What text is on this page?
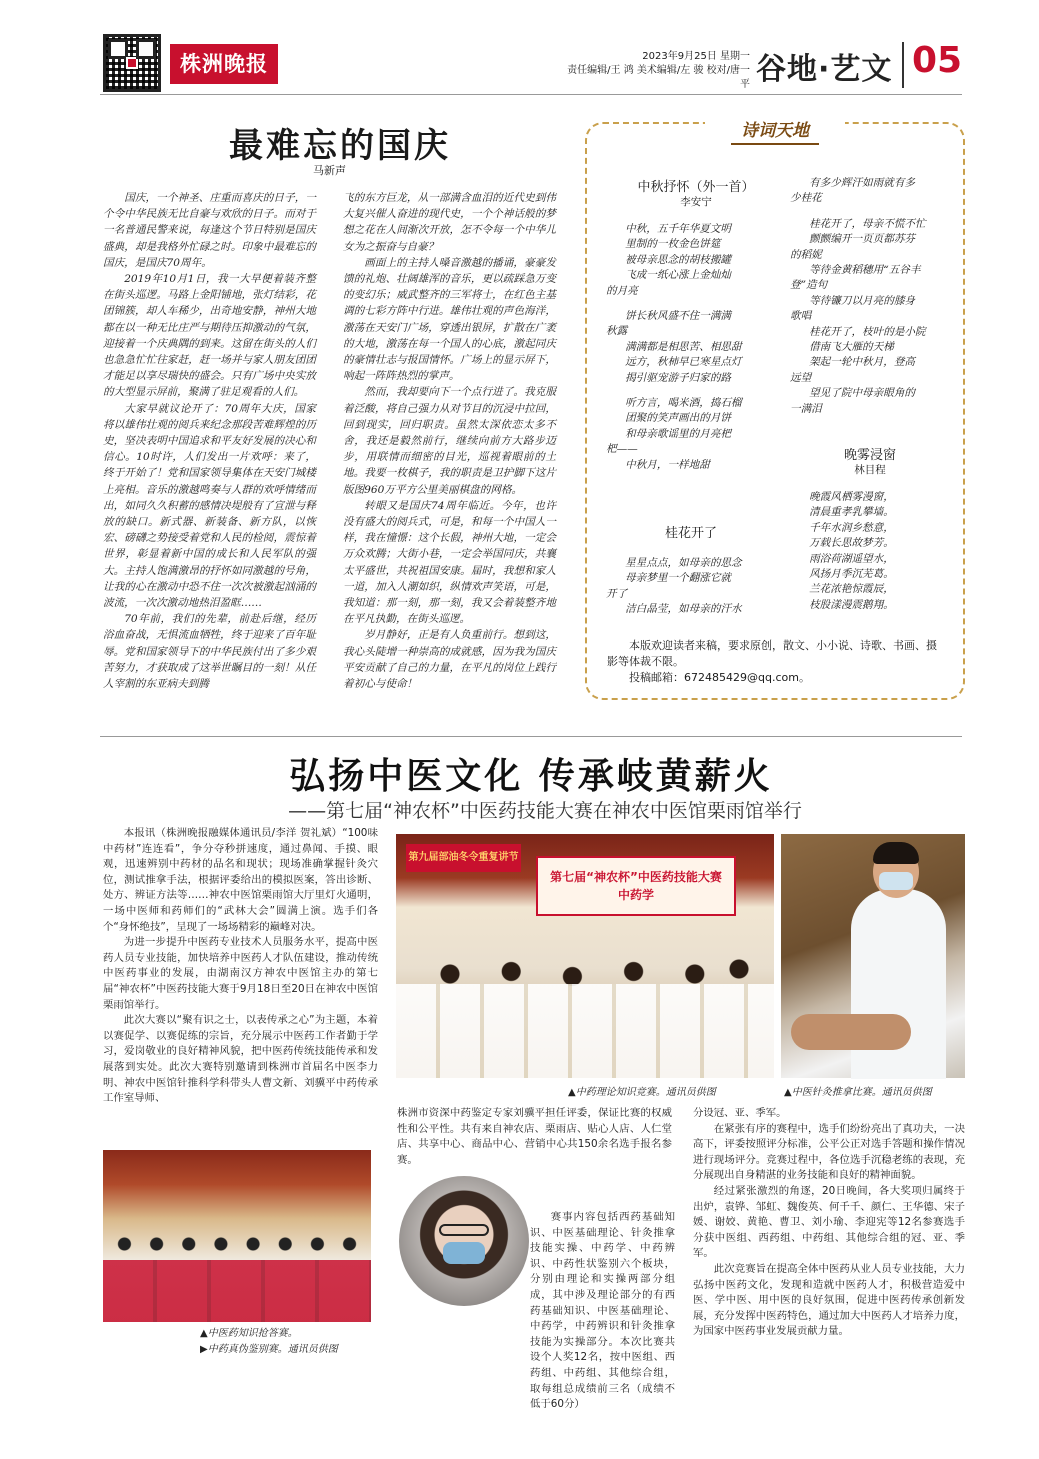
株洲晚报	2023年9月25日 星期一
责任编辑/王 鸿 美术编辑/左 骏 校对/唐一平 谷地·艺文 05
最难忘的国庆
马新声

国庆，一个神圣、庄重而喜庆的日子，一个令中华民族无比自豪与欢欣的日子。而对于一名普通民警来说，每逢这个节日特别是国庆盛典，却是我格外忙碌之时。印象中最难忘的国庆，是国庆70周年。

2019年10月1日，我一大早便着装齐整在街头巡逻。马路上金阳铺地，张灯结彩，花团锦簇，却人车稀少，出奇地安静，神州大地都在以一种无比庄严与期待压抑激动的气氛，迎接着一个庆典隅的到来。这留在街头的人们也急急忙忙往家赶，赶一场并与家人朋友团团才能足以享尽瑞快的盛会。只有广场中央实放的大型显示屏前，聚满了驻足观看的人们。

大家早就议论开了：70周年大庆，国家将以雄伟壮观的阅兵来纪念那段苦难辉煌的历史，坚决表明中国追求和平友好发展的决心和信心。10时许，人们发出一片欢呼：来了，终于开始了！党和国家领导集体在天安门城楼上亮相。音乐的激越鸣奏与人群的欢呼情绪而出，如同久久积蓄的感情决堤般有了宣泄与释放的缺口。新式器、新装备、新方队，以恢宏、磅礴之势接受着党和人民的检阅，震惊着世界，彰显着新中国的成长和人民军队的强大。主持人饱满激昂的抒怀如同激越的号角，让我的心在激动中恐不住一次次被激起汹涌的波流，一次次激动地热泪盈眶……

70年前，我们的先辈，前赴后继，经历浴血奋战，无惧流血牺牲，终于迎来了百年耻辱。党和国家领导下的中华民族付出了多少艰苦努力，才获取成了这举世瞩目的一刻！从任人宰割的东亚病夫到腾

飞的东方巨龙，从一部满含血泪的近代史到伟大复兴催人奋进的现代史，一个个神话般的梦想之花在人间渐次开放，怎不令每一个中华儿女为之振奋与自豪？

画面上的主持人嗓音激越的播诵，豪豪发馈的礼炮、壮阔雄浑的音乐，更以疏踩急万变的变幻乐；威武整齐的三军将士，在红色主基调的七彩方阵中行进。雄伟壮观的声色海洋，激荡在天安门广场，穿透出银屏，扩散在广袤的大地，激荡在每一个国人的心底，激起同庆的豪情壮志与报国情怀。广场上的显示屏下，响起一阵阵热烈的掌声。

然而，我却要向下一个点行进了。我克服着泛酸，将自己强力从对节目的沉浸中拉回，回到现实，回归职责。虽然太深依恋太多不舍，我还是毅然前行，继续向前方大路步迈步，用联情而细密的目光，巡视着眼前的土地。我要一枚棋子，我的职责是卫护脚下这片版图960万平方公里美丽棋盘的网格。

转眼又是国庆74周年临近。今年，也许没有盛大的阅兵式，可是，和每一个中国人一样，我在憧憬：这个长假，神州大地，一定会万众欢腾；大街小巷，一定会举国同庆，共襄太平盛世，共祝祖国安康。届时，我想和家人一道，加入人潮如织，纵情欢声笑语，可是，我知道：那一刻，那一刻，我又会着装整齐地在平凡执勤，在街头巡逻。

岁月静好，正是有人负重前行。想到这，我心头陡增一种崇高的成就感，因为我为国庆平安贡献了自己的力量，在平凡的岗位上践行着初心与使命！

诗词天地
中秋抒怀（外一首）
李安宁
中秋，五千年华夏文明
里制的一枚金色饼筵
被母亲思念的胡枝搬罐
飞成一纸心涨上金灿灿
的月亮
饼长秋风盛不住一满满
秋露
满满都是相思苦、相思甜
远方，秋柿早已寒星点灯
揭引驱宠游子归家的路
听方言，喝米酒，捣石榴
团聚的笑声画出的月饼
和母亲歌谣里的月亮杷
杷——
中秋月，一样地甜
桂花开了
星星点点，如母亲的思念
母亲梦里一个翻涨它就
开了
洁白晶莹，如母亲的汗水
有多少辉汗如雨就有多
少桂花
桂花开了，母亲不慌不忙
颤颤编开一页页都苏芬
的稻妮
等待金黄稻穗用“五谷丰
登”造句
等待镰刀以月亮的膝身
歌唱
桂花开了，枝叶的是小院
借南飞大雁的天梯
架起一轮中秋月，登高
远望
望见了院中母亲眼角的
一满泪
晚雾浸窗
林目程
晚霞风栖雾漫窗，
清晨重孝乳攀墙。
千年水润乡愁意，
万载长思故梦芳。
雨浴荷湖遥望水，
风扬月季沉芜葛。
兰花浓艳惊霞辰，
枝股漾漫震鹅翔。

本版欢迎读者来稿，要求原创，散文、小小说、诗歌、书画、摄影等体裁不限。

投稿邮箱：672485429@qq.com。

弘扬中医文化 传承岐黄薪火
——第七届“神农杯”中医药技能大赛在神农中医馆栗雨馆举行

本报讯（株洲晚报融媒体通讯员/李洋 贺礼斌）“100味中药材”连连看”，争分夺秒拼速度，通过鼻闻、手摸、眼观，迅速辨别中药材的品名和现状；现场准确掌握针灸穴位，测试推拿手法，根据评委给出的模拟医案，答出诊断、处方、辨证方法等……神农中医馆栗雨馆大厅里灯火通明，一场中医师和药师们的“武林大会”圆满上演。选手们各个“身怀绝技”，呈现了一场场精彩的巅峰对决。

为进一步提升中医药专业技术人员服务水平，提高中医药人员专业技能，加快培养中医药人才队伍建设，推动传统中医药事业的发展，由湖南汉方神农中医馆主办的第七届“神农杯”中医药技能大赛于9月18日至20日在神农中医馆栗雨馆举行。

此次大赛以“聚有识之士，以表传承之心”为主题，本着以赛促学、以赛促练的宗旨，充分展示中医药工作者勤于学习，爱岗敬业的良好精神风貌，把中医药传统技能传承和发展落到实处。此次大赛特别邀请到株洲市首届名中医李力明、神农中医馆针推科学科带头人曹文新、刘骥平中药传承工作室导师、

第九届部油冬令重复讲节
第七届“神农杯”中医药技能大赛
中药学
▲中药理论知识竞赛。通讯员供图	▲中医针灸推拿比赛。通讯员供图

株洲市资深中药鉴定专家刘骥平担任评委，保证比赛的权威性和公平性。共有来自神农店、栗雨店、贴心人店、人仁堂店、共享中心、商品中心、营销中心共150余名选手报名参赛。

赛事内容包括西药基础知识、中医基础理论、针灸推拿技能实操、中药学、中药辨识、中药性状鉴别六个板块，分别由理论和实操两部分组成，其中涉及理论部分的有西药基础知识、中医基础理论、中药学，中药辨识和针灸推拿技能为实操部分。本次比赛共设个人奖12名，按中医组、西药组、中药组、其他综合组，取每组总成绩前三名（成绩不低于60分）

分设冠、亚、季军。

在紧张有序的赛程中，选手们纷纷亮出了真功夫，一决高下，评委按照评分标准，公平公正对选手答题和操作情况进行现场评分。竞赛过程中，各位选手沉稳老练的表现，充分展现出自身精湛的业务技能和良好的精神面貌。

经过紧张激烈的角逐，20日晚间，各大奖项归属终于出炉，袁铧、邹虹、魏俊英、何千千、颜仁、王华德、宋子媛、谢姣、黄艳、曹卫、刘小瑜、李迎宪等12名参赛选手分获中医组、西药组、中药组、其他综合组的冠、亚、季军。

此次竞赛旨在提高全体中医药从业人员专业技能，大力弘扬中医药文化，发现和造就中医药人才，积极营造爱中医、学中医、用中医的良好氛围，促进中医药传承创新发展，充分发挥中医药特色，通过加大中医药人才培养力度，为国家中医药事业发展贡献力量。

▲中医药知识抢答赛。
▶中药真伪鉴别赛。通讯员供图
